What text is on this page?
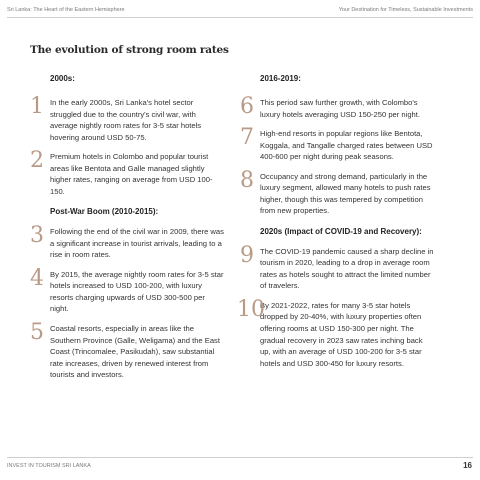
Sri Lanka: The Heart of the Eastern Hemisphere	Your Destination for Timeless, Sustainable Investments
The evolution of strong room rates
2000s:
1 In the early 2000s, Sri Lanka's hotel sector struggled due to the country's civil war, with average nightly room rates for 3-5 star hotels hovering around USD 50-75.

2 Premium hotels in Colombo and popular tourist areas like Bentota and Galle managed slightly higher rates, ranging on average from USD 100-150.

Post-War Boom (2010-2015):
3 Following the end of the civil war in 2009, there was a significant increase in tourist arrivals, leading to a rise in room rates.

4 By 2015, the average nightly room rates for 3-5 star hotels increased to USD 100-200, with luxury resorts charging upwards of USD 300-500 per night.

5 Coastal resorts, especially in areas like the Southern Province (Galle, Weligama) and the East Coast (Trincomalee, Pasikudah), saw substantial rate increases, driven by renewed interest from tourists and investors.

2016-2019:
6 This period saw further growth, with Colombo's luxury hotels averaging USD 150-250 per night.

7 High-end resorts in popular regions like Bentota, Koggala, and Tangalle charged rates between USD 400-600 per night during peak seasons.

8 Occupancy and strong demand, particularly in the luxury segment, allowed many hotels to push rates higher, though this was tempered by competition from new properties.

2020s (Impact of COVID-19 and Recovery):
9 The COVID-19 pandemic caused a sharp decline in tourism in 2020, leading to a drop in average room rates as hotels sought to attract the limited number of travelers.

10

By 2021-2022, rates for many 3-5 star hotels dropped by 20-40%, with luxury properties often offering rooms at USD 150-300 per night. The gradual recovery in 2023 saw rates inching back up, with an average of USD 100-200 for 3-5 star hotels and USD 300-450 for luxury resorts.

INVEST IN TOURISM SRI LANKA	16
